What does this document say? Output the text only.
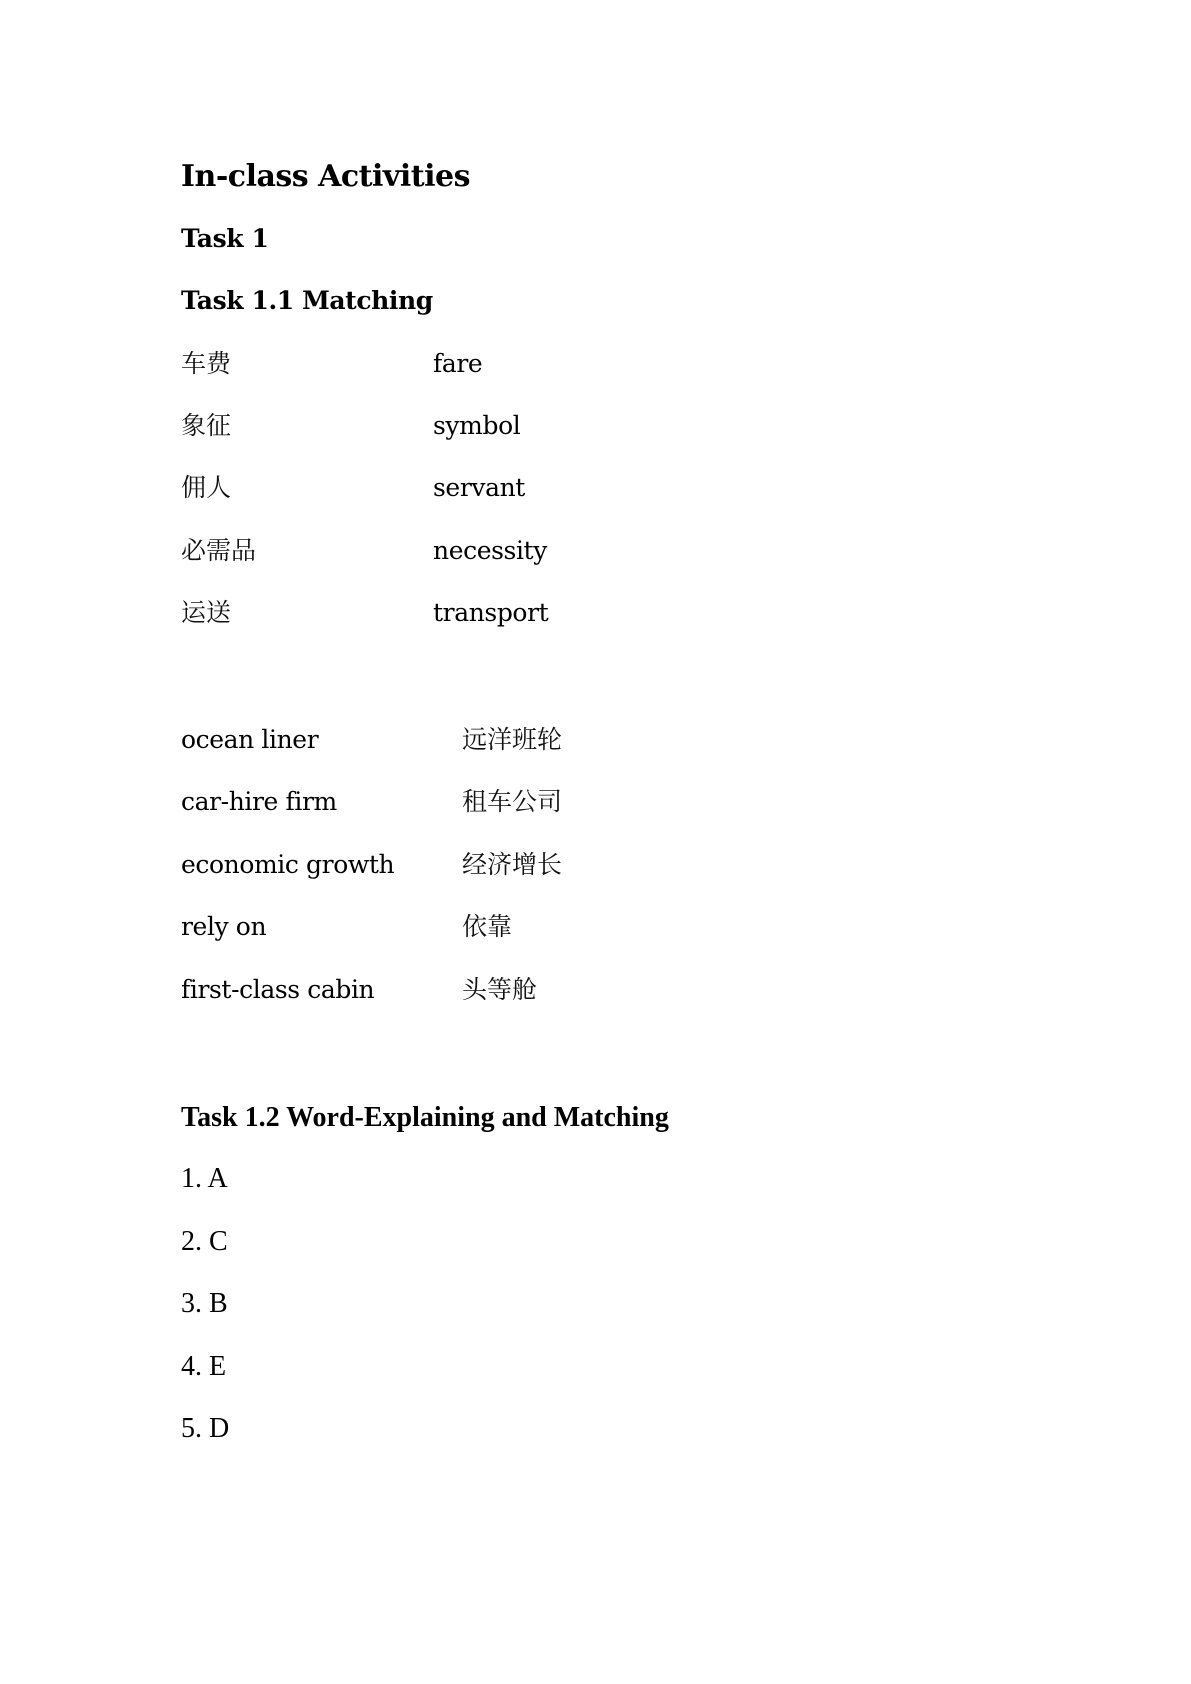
In-class Activities
Task 1
Task 1.1 Matching
车费	fare
象征	symbol
佣人	servant
必需品	necessity
运送	transport
ocean liner	远洋班轮
car-hire firm	租车公司
economic growth	经济增长
rely on	依靠
first-class cabin	头等舱
Task 1.2 Word-Explaining and Matching
1. A
2. C
3. B
4. E
5. D
